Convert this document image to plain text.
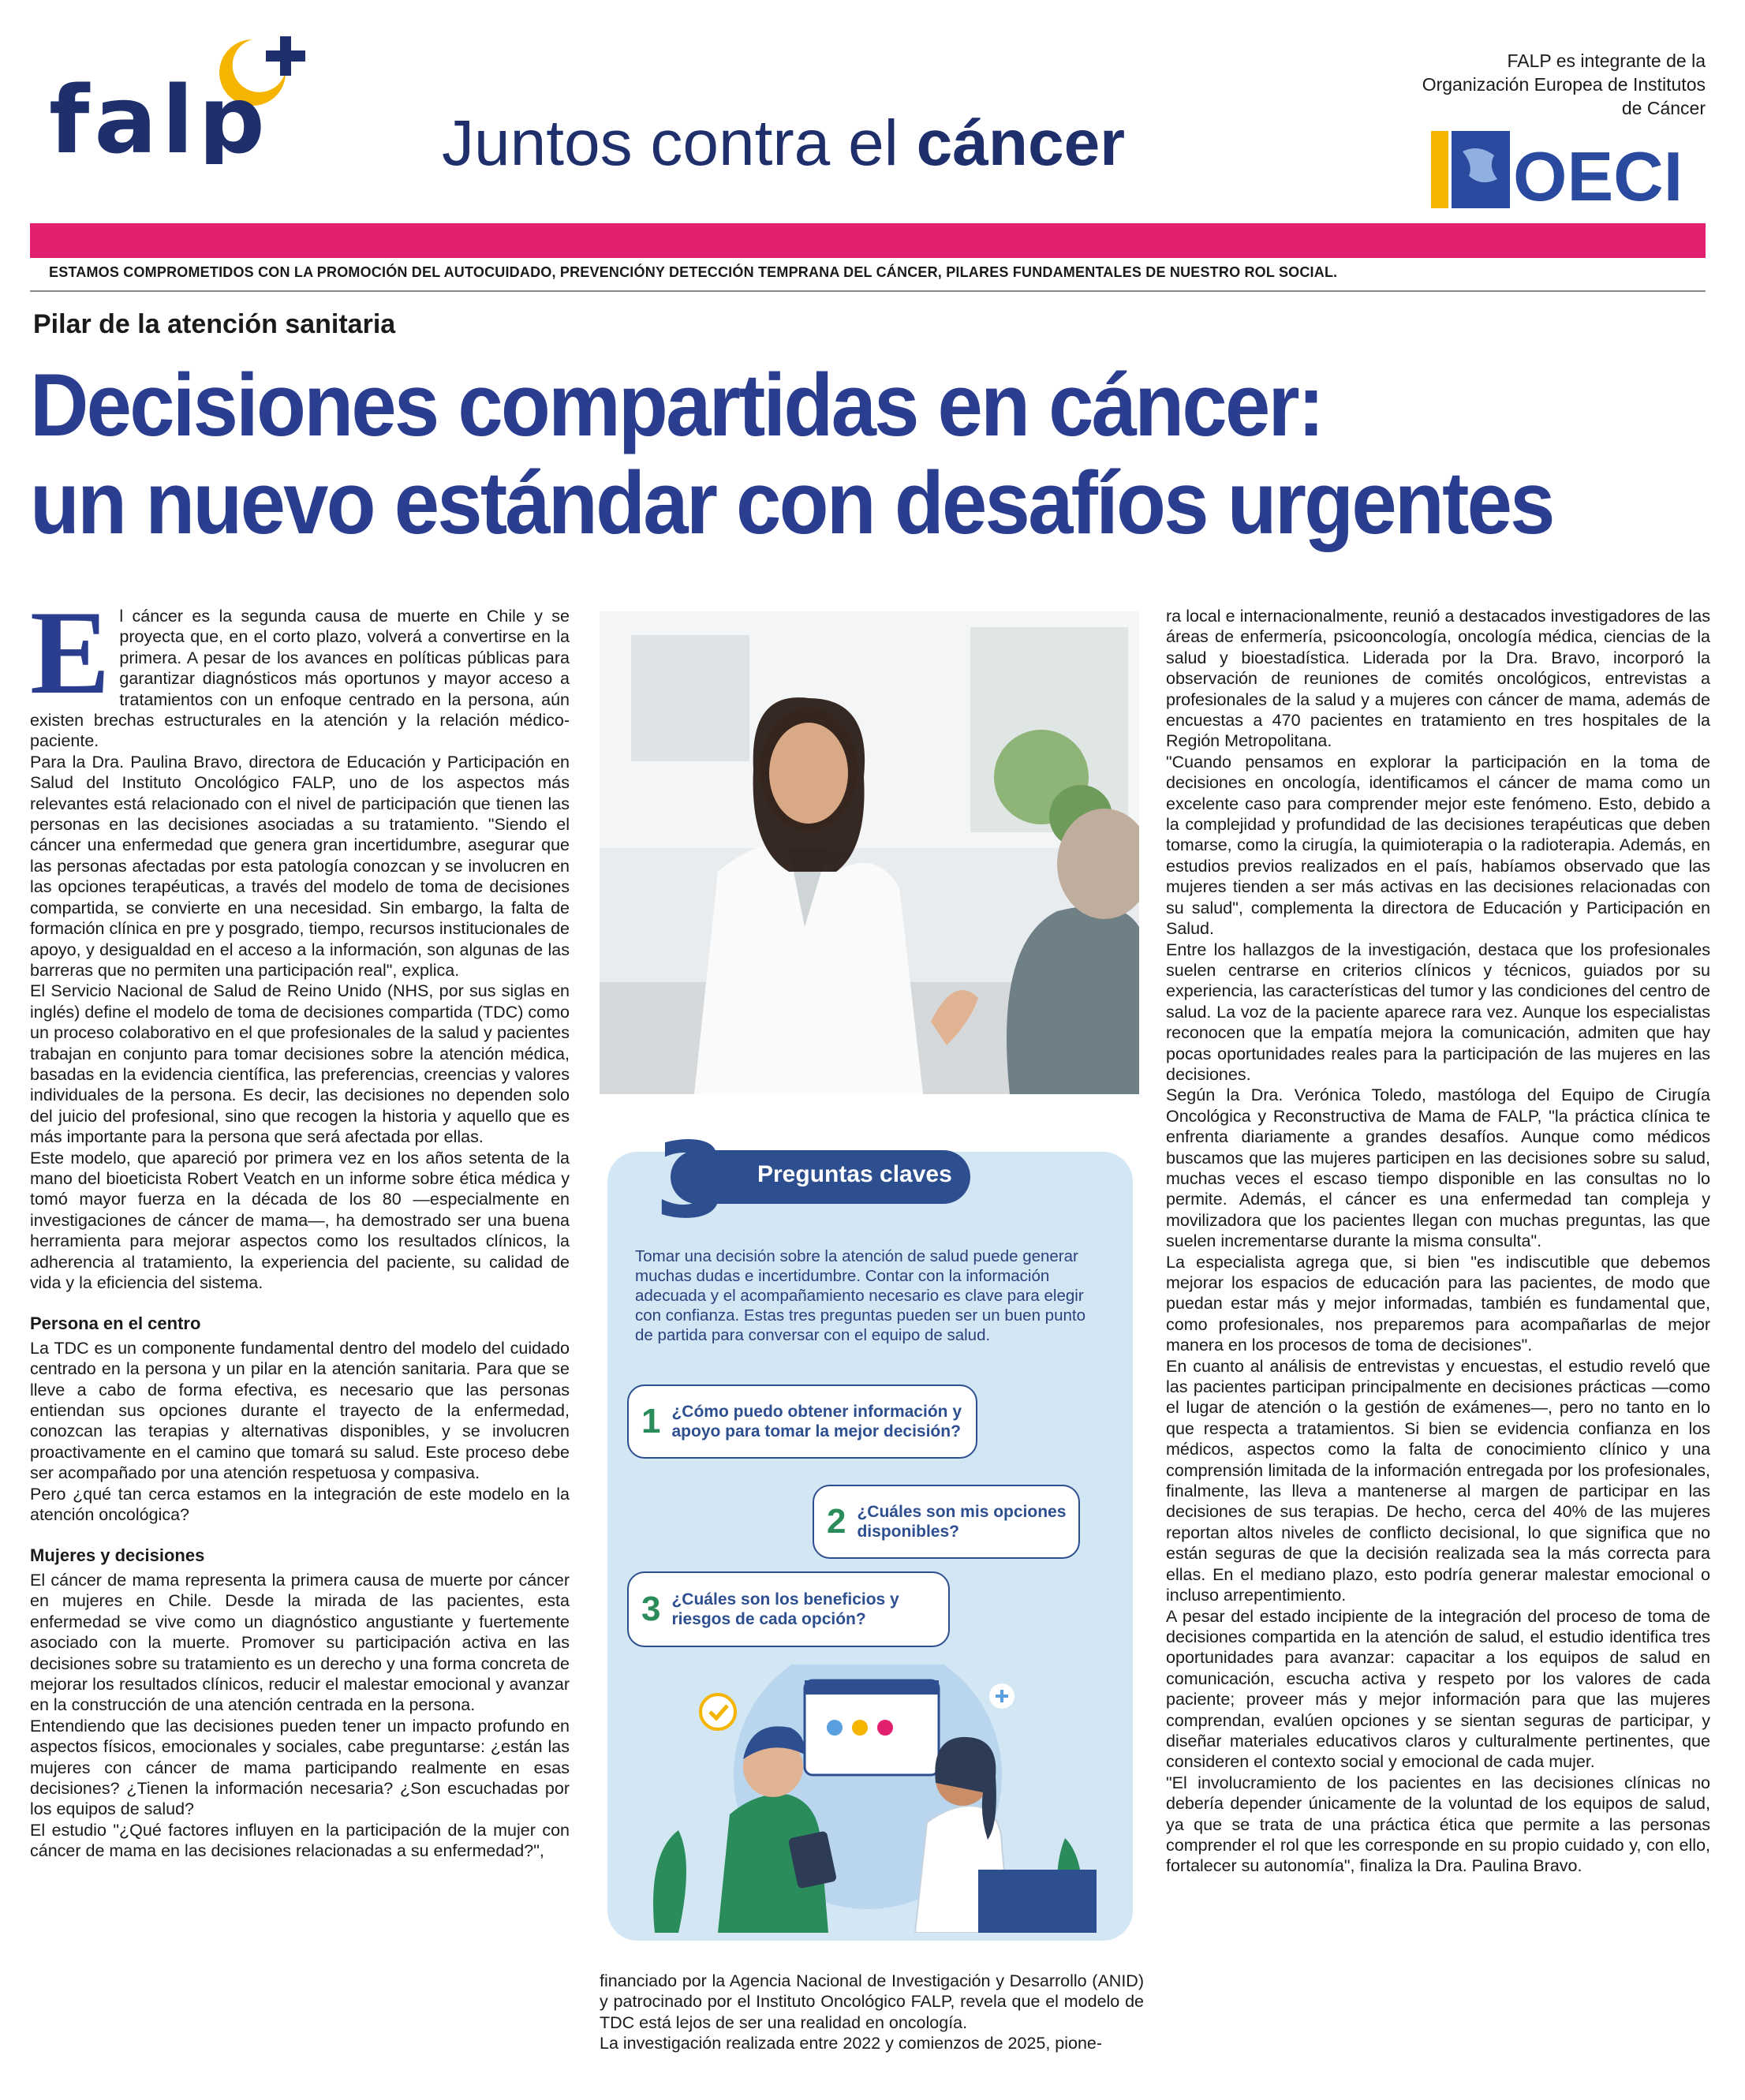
falp	Juntos contra el cáncer
FALP es integrante de la Organización Europea de Institutos de Cáncer
OECI
ESTAMOS COMPROMETIDOS CON LA PROMOCIÓN DEL AUTOCUIDADO, PREVENCIÓNY DETECCIÓN TEMPRANA DEL CÁNCER, PILARES FUNDAMENTALES DE NUESTRO ROL SOCIAL.
Pilar de la atención sanitaria
Decisiones compartidas en cáncer:
un nuevo estándar con desafíos urgentes
E l cáncer es la segunda causa de muerte en Chile y se proyecta que, en el corto plazo, volverá a convertirse en la primera. A pesar de los avances en políticas públicas para garantizar diagnósticos más oportunos y mayor acceso a tratamientos con un enfoque centrado en la persona, aún existen brechas estructurales en la atención y la relación médico-paciente.

Para la Dra. Paulina Bravo, directora de Educación y Participación en Salud del Instituto Oncológico FALP, uno de los aspectos más relevantes está relacionado con el nivel de participación que tienen las personas en las decisiones asociadas a su tratamiento. "Siendo el cáncer una enfermedad que genera gran incertidumbre, asegurar que las personas afectadas por esta patología conozcan y se involucren en las opciones terapéuticas, a través del modelo de toma de decisiones compartida, se convierte en una necesidad. Sin embargo, la falta de formación clínica en pre y posgrado, tiempo, recursos institucionales de apoyo, y desigualdad en el acceso a la información, son algunas de las barreras que no permiten una participación real", explica.

El Servicio Nacional de Salud de Reino Unido (NHS, por sus siglas en inglés) define el modelo de toma de decisiones compartida (TDC) como un proceso colaborativo en el que profesionales de la salud y pacientes trabajan en conjunto para tomar decisiones sobre la atención médica, basadas en la evidencia científica, las preferencias, creencias y valores individuales de la persona. Es decir, las decisiones no dependen solo del juicio del profesional, sino que recogen la historia y aquello que es más importante para la persona que será afectada por ellas.

Este modelo, que apareció por primera vez en los años setenta de la mano del bioeticista Robert Veatch en un informe sobre ética médica y tomó mayor fuerza en la década de los 80 —especialmente en investigaciones de cáncer de mama—, ha demostrado ser una buena herramienta para mejorar aspectos como los resultados clínicos, la adherencia al tratamiento, la experiencia del paciente, su calidad de vida y la eficiencia del sistema.

Persona en el centro

La TDC es un componente fundamental dentro del modelo del cuidado centrado en la persona y un pilar en la atención sanitaria. Para que se lleve a cabo de forma efectiva, es necesario que las personas entiendan sus opciones durante el trayecto de la enfermedad, conozcan las terapias y alternativas disponibles, y se involucren proactivamente en el camino que tomará su salud. Este proceso debe ser acompañado por una atención respetuosa y compasiva.

Pero ¿qué tan cerca estamos en la integración de este modelo en la atención oncológica?

Mujeres y decisiones

El cáncer de mama representa la primera causa de muerte por cáncer en mujeres en Chile. Desde la mirada de las pacientes, esta enfermedad se vive como un diagnóstico angustiante y fuertemente asociado con la muerte. Promover su participación activa en las decisiones sobre su tratamiento es un derecho y una forma concreta de mejorar los resultados clínicos, reducir el malestar emocional y avanzar en la construcción de una atención centrada en la persona.

Entendiendo que las decisiones pueden tener un impacto profundo en aspectos físicos, emocionales y sociales, cabe preguntarse: ¿están las mujeres con cáncer de mama participando realmente en esas decisiones? ¿Tienen la información necesaria? ¿Son escuchadas por los equipos de salud?

El estudio "¿Qué factores influyen en la participación de la mujer con cáncer de mama en las decisiones relacionadas a su enfermedad?",

3 Preguntas claves
Tomar una decisión sobre la atención de salud puede generar muchas dudas e incertidumbre. Contar con la información adecuada y el acompañamiento necesario es clave para elegir con confianza. Estas tres preguntas pueden ser un buen punto de partida para conversar con el equipo de salud.
1 ¿Cómo puedo obtener información y apoyo para tomar la mejor decisión?
2 ¿Cuáles son mis opciones disponibles?
3 ¿Cuáles son los beneficios y riesgos de cada opción?

financiado por la Agencia Nacional de Investigación y Desarrollo (ANID) y patrocinado por el Instituto Oncológico FALP, revela que el modelo de TDC está lejos de ser una realidad en oncología.

La investigación realizada entre 2022 y comienzos de 2025, pione-

ra local e internacionalmente, reunió a destacados investigadores de las áreas de enfermería, psicooncología, oncología médica, ciencias de la salud y bioestadística. Liderada por la Dra. Bravo, incorporó la observación de reuniones de comités oncológicos, entrevistas a profesionales de la salud y a mujeres con cáncer de mama, además de encuestas a 470 pacientes en tratamiento en tres hospitales de la Región Metropolitana.

"Cuando pensamos en explorar la participación en la toma de decisiones en oncología, identificamos el cáncer de mama como un excelente caso para comprender mejor este fenómeno. Esto, debido a la complejidad y profundidad de las decisiones terapéuticas que deben tomarse, como la cirugía, la quimioterapia o la radioterapia. Además, en estudios previos realizados en el país, habíamos observado que las mujeres tienden a ser más activas en las decisiones relacionadas con su salud", complementa la directora de Educación y Participación en Salud.

Entre los hallazgos de la investigación, destaca que los profesionales suelen centrarse en criterios clínicos y técnicos, guiados por su experiencia, las características del tumor y las condiciones del centro de salud. La voz de la paciente aparece rara vez. Aunque los especialistas reconocen que la empatía mejora la comunicación, admiten que hay pocas oportunidades reales para la participación de las mujeres en las decisiones.

Según la Dra. Verónica Toledo, mastóloga del Equipo de Cirugía Oncológica y Reconstructiva de Mama de FALP, "la práctica clínica te enfrenta diariamente a grandes desafíos. Aunque como médicos buscamos que las mujeres participen en las decisiones sobre su salud, muchas veces el escaso tiempo disponible en las consultas no lo permite. Además, el cáncer es una enfermedad tan compleja y movilizadora que los pacientes llegan con muchas preguntas, las que suelen incrementarse durante la misma consulta".

La especialista agrega que, si bien "es indiscutible que debemos mejorar los espacios de educación para las pacientes, de modo que puedan estar más y mejor informadas, también es fundamental que, como profesionales, nos preparemos para acompañarlas de mejor manera en los procesos de toma de decisiones".

En cuanto al análisis de entrevistas y encuestas, el estudio reveló que las pacientes participan principalmente en decisiones prácticas —como el lugar de atención o la gestión de exámenes—, pero no tanto en lo que respecta a tratamientos. Si bien se evidencia confianza en los médicos, aspectos como la falta de conocimiento clínico y una comprensión limitada de la información entregada por los profesionales, finalmente, las lleva a mantenerse al margen de participar en las decisiones de sus terapias. De hecho, cerca del 40% de las mujeres reportan altos niveles de conflicto decisional, lo que significa que no están seguras de que la decisión realizada sea la más correcta para ellas. En el mediano plazo, esto podría generar malestar emocional o incluso arrepentimiento.

A pesar del estado incipiente de la integración del proceso de toma de decisiones compartida en la atención de salud, el estudio identifica tres oportunidades para avanzar: capacitar a los equipos de salud en comunicación, escucha activa y respeto por los valores de cada paciente; proveer más y mejor información para que las mujeres comprendan, evalúen opciones y se sientan seguras de participar, y diseñar materiales educativos claros y culturalmente pertinentes, que consideren el contexto social y emocional de cada mujer.

"El involucramiento de los pacientes en las decisiones clínicas no debería depender únicamente de la voluntad de los equipos de salud, ya que se trata de una práctica ética que permite a las personas comprender el rol que les corresponde en su propio cuidado y, con ello, fortalecer su autonomía", finaliza la Dra. Paulina Bravo.
